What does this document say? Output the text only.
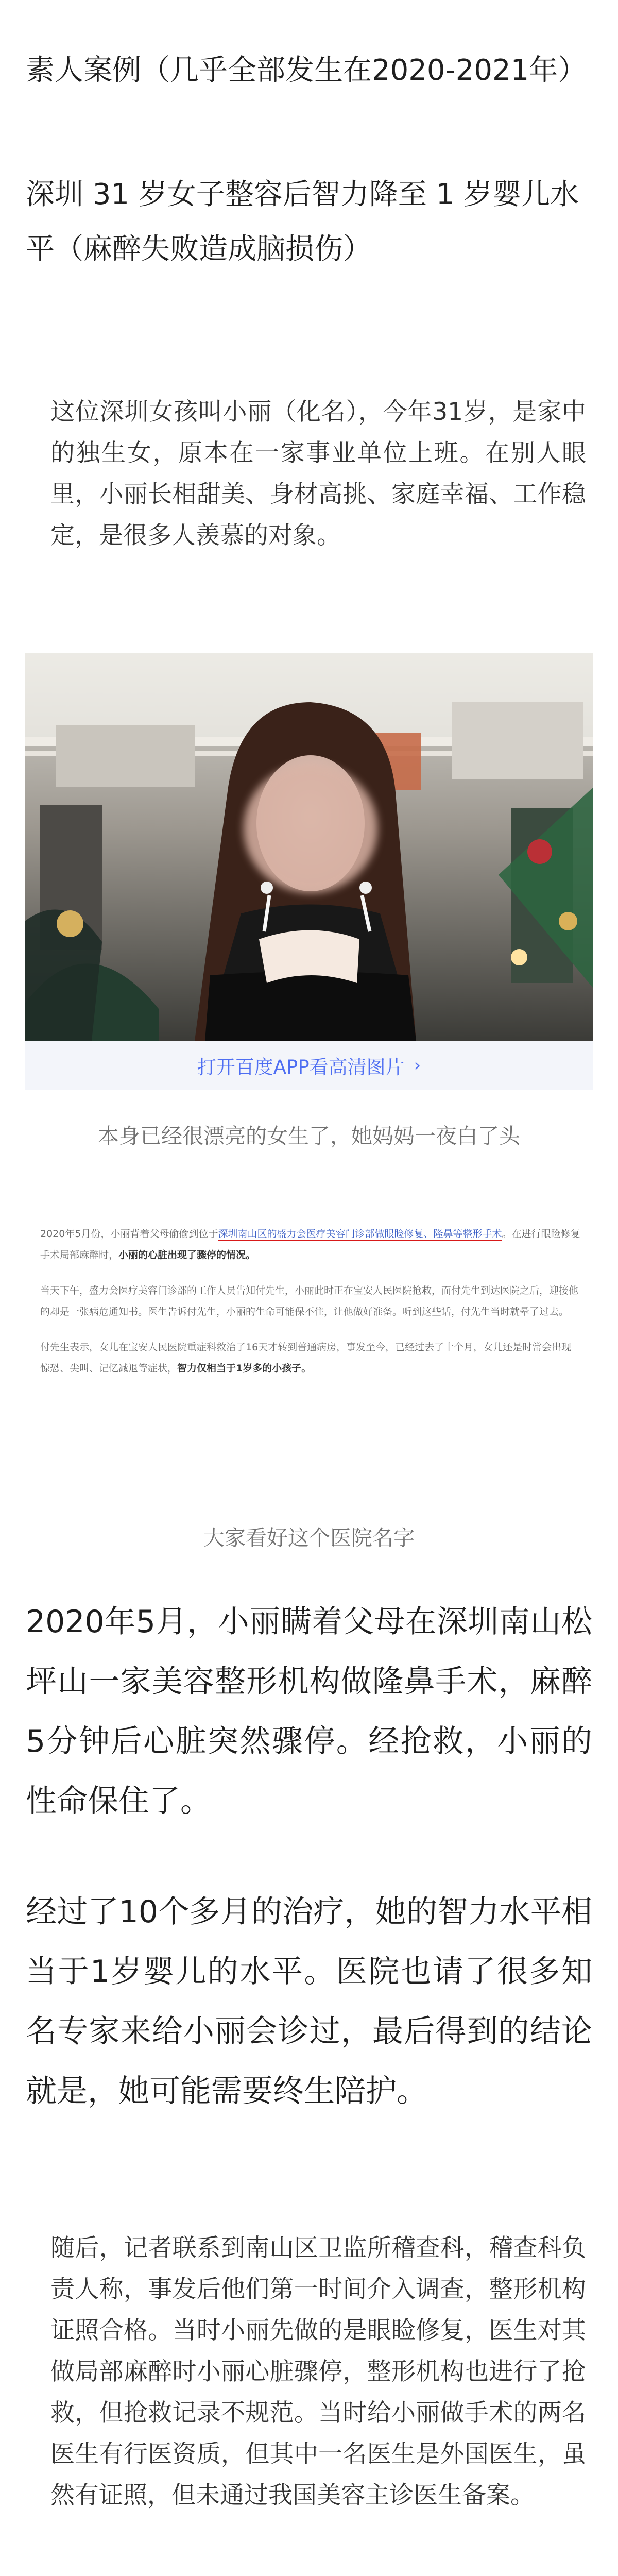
素人案例（几乎全部发生在2020-2021年）
深圳 31 岁女子整容后智力降至 1 岁婴儿水平（麻醉失败造成脑损伤）

这位深圳女孩叫小丽（化名），今年31岁，是家中的独生女，原本在一家事业单位上班。在别人眼里，小丽长相甜美、身材高挑、家庭幸福、工作稳定，是很多人羡慕的对象。

打开百度APP看高清图片 ›
本身已经很漂亮的女生了，她妈妈一夜白了头

2020年5月份，小丽背着父母偷偷到位于深圳南山区的盛力会医疗美容门诊部做眼睑修复、隆鼻等整形手术。在进行眼睑修复手术局部麻醉时，小丽的心脏出现了骤停的情况。

当天下午，盛力会医疗美容门诊部的工作人员告知付先生，小丽此时正在宝安人民医院抢救，而付先生到达医院之后，迎接他的却是一张病危通知书。医生告诉付先生，小丽的生命可能保不住，让他做好准备。听到这些话，付先生当时就晕了过去。

付先生表示，女儿在宝安人民医院重症科救治了16天才转到普通病房，事发至今，已经过去了十个月，女儿还是时常会出现惊恐、尖叫、记忆减退等症状，智力仅相当于1岁多的小孩子。

大家看好这个医院名字

2020年5月，小丽瞒着父母在深圳南山松坪山一家美容整形机构做隆鼻手术，麻醉5分钟后心脏突然骤停。经抢救，小丽的性命保住了。

经过了10个多月的治疗，她的智力水平相当于1岁婴儿的水平。医院也请了很多知名专家来给小丽会诊过，最后得到的结论就是，她可能需要终生陪护。

随后，记者联系到南山区卫监所稽查科，稽查科负责人称，事发后他们第一时间介入调查，整形机构证照合格。当时小丽先做的是眼睑修复，医生对其做局部麻醉时小丽心脏骤停，整形机构也进行了抢救，但抢救记录不规范。当时给小丽做手术的两名医生有行医资质，但其中一名医生是外国医生，虽然有证照，但未通过我国美容主诊医生备案。
